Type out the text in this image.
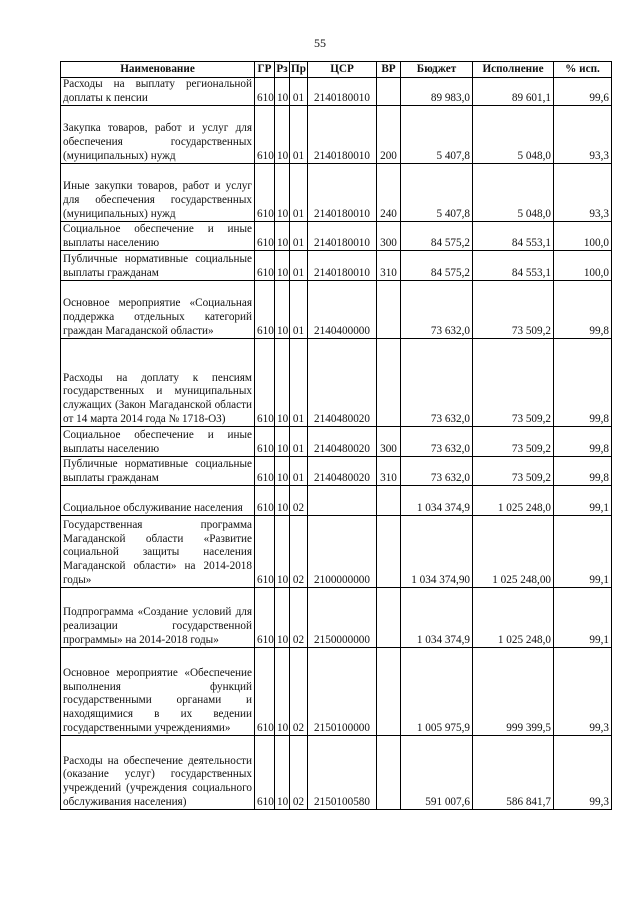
55
Наименование	ГР	Рз	Пр	ЦСР	ВР	Бюджет	Исполнение	% исп.
Расходы на выплату региональной доплаты к пенсии	610	10	01	2140180010		89 983,0	89 601,1	99,6
Закупка товаров, работ и услуг для обеспечения государственных (муниципальных) нужд	610	10	01	2140180010	200	5 407,8	5 048,0	93,3
Иные закупки товаров, работ и услуг для обеспечения государственных (муниципальных) нужд	610	10	01	2140180010	240	5 407,8	5 048,0	93,3
Социальное обеспечение и иные выплаты населению	610	10	01	2140180010	300	84 575,2	84 553,1	100,0
Публичные нормативные социальные выплаты гражданам	610	10	01	2140180010	310	84 575,2	84 553,1	100,0
Основное мероприятие «Социальная поддержка отдельных категорий граждан Магаданской области»	610	10	01	2140400000		73 632,0	73 509,2	99,8
Расходы на доплату к пенсиям государственных и муниципальных служащих (Закон Магаданской области от 14 марта 2014 года № 1718-ОЗ)	610	10	01	2140480020		73 632,0	73 509,2	99,8
Социальное обеспечение и иные выплаты населению	610	10	01	2140480020	300	73 632,0	73 509,2	99,8
Публичные нормативные социальные выплаты гражданам	610	10	01	2140480020	310	73 632,0	73 509,2	99,8
Социальное обслуживание населения	610	10	02			1 034 374,9	1 025 248,0	99,1
Государственная программа Магаданской области «Развитие социальной защиты населения Магаданской области» на 2014-2018 годы»	610	10	02	2100000000		1 034 374,90	1 025 248,00	99,1
Подпрограмма «Создание условий для реализации государственной программы» на 2014-2018 годы»	610	10	02	2150000000		1 034 374,9	1 025 248,0	99,1
Основное мероприятие «Обеспечение выполнения функций государственными органами и находящимися в их ведении государственными учреждениями»	610	10	02	2150100000		1 005 975,9	999 399,5	99,3
Расходы на обеспечение деятельности (оказание услуг) государственных учреждений (учреждения социального обслуживания населения)	610	10	02	2150100580		591 007,6	586 841,7	99,3
